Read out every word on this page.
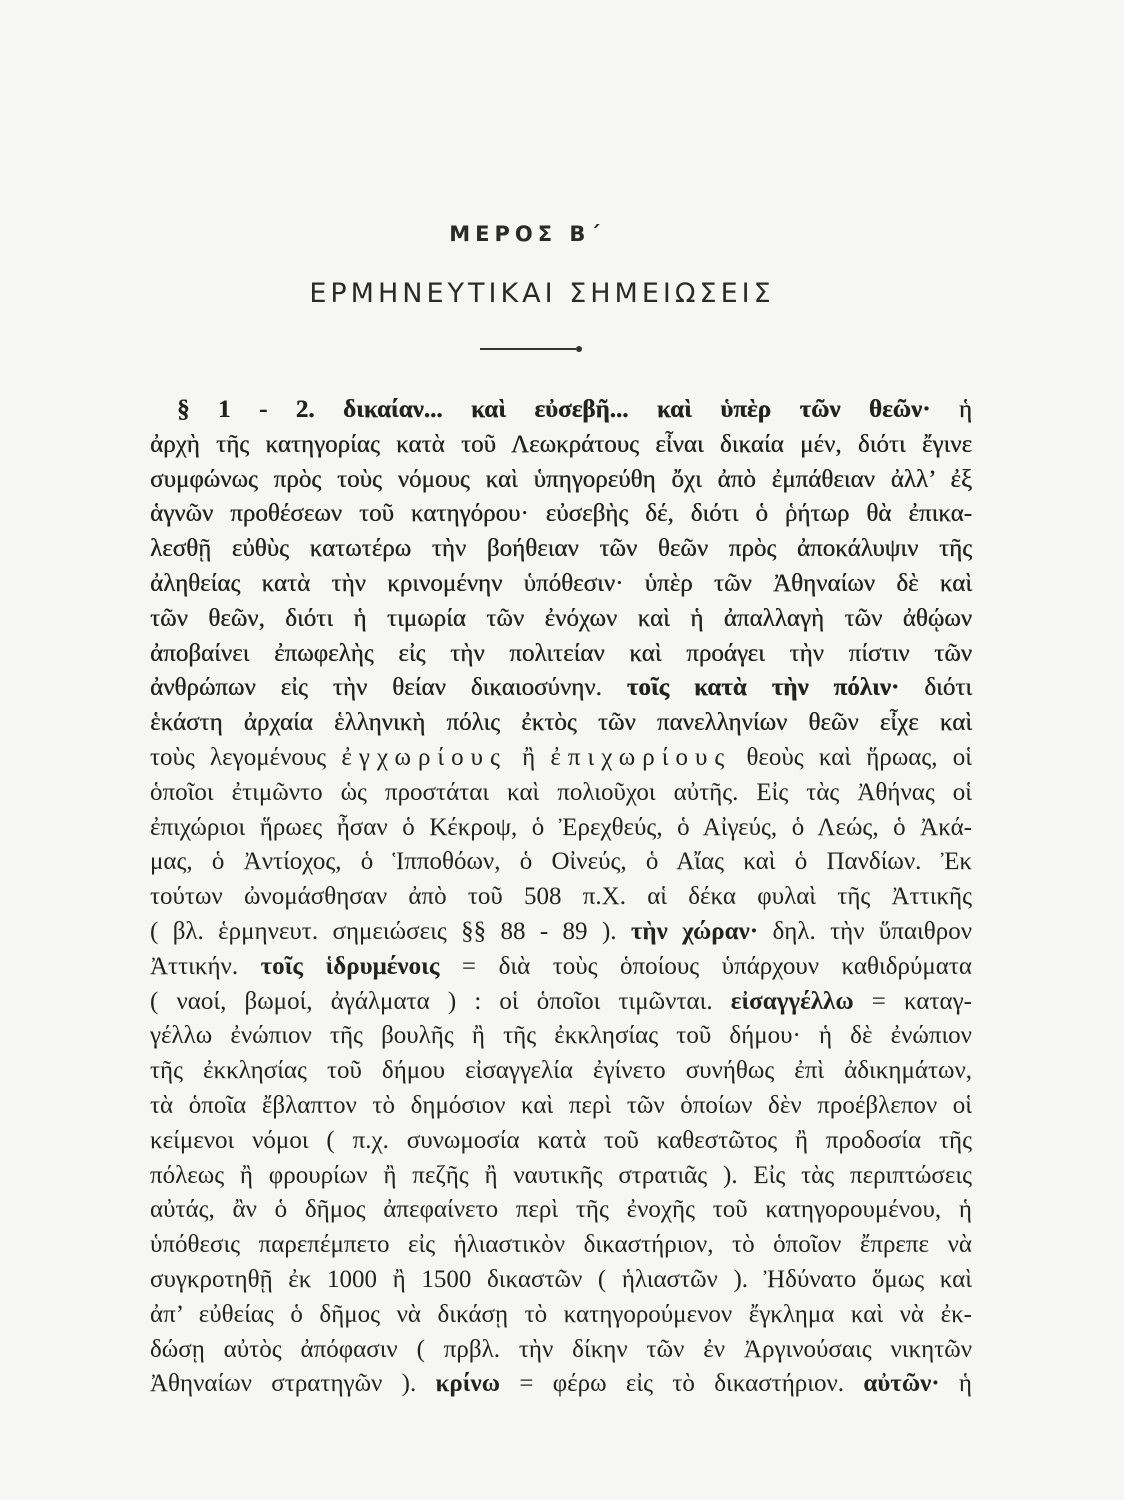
ΜΕΡΟΣ Β΄
ΕΡΜΗΝΕΥΤΙΚΑΙ ΣΗΜΕΙΩΣΕΙΣ
§ 1 - 2. δικαίαν... καὶ εὐσεβῆ... καὶ ὑπὲρ τῶν θεῶν· ἡ
ἀρχὴ τῆς κατηγορίας κατὰ τοῦ Λεωκράτους εἶναι δικαία μέν, διότι ἔγινε
συμφώνως πρὸς τοὺς νόμους καὶ ὑπηγορεύθη ὄχι ἀπὸ ἐμπάθειαν ἀλλ’ ἐξ
ἁγνῶν προθέσεων τοῦ κατηγόρου· εὐσεβὴς δέ, διότι ὁ ῥήτωρ θὰ ἐπικα-
λεσθῇ εὐθὺς κατωτέρω τὴν βοήθειαν τῶν θεῶν πρὸς ἀποκάλυψιν τῆς
ἀληθείας κατὰ τὴν κρινομένην ὑπόθεσιν· ὑπὲρ τῶν Ἀθηναίων δὲ καὶ
τῶν θεῶν, διότι ἡ τιμωρία τῶν ἐνόχων καὶ ἡ ἀπαλλαγὴ τῶν ἀθῴων
ἀποβαίνει ἐπωφελὴς εἰς τὴν πολιτείαν καὶ προάγει τὴν πίστιν τῶν
ἀνθρώπων εἰς τὴν θείαν δικαιοσύνην. τοῖς κατὰ τὴν πόλιν· διότι
ἑκάστη ἀρχαία ἑλληνικὴ πόλις ἐκτὸς τῶν πανελληνίων θεῶν εἶχε καὶ
τοὺς λεγομένους ἐγχωρίους ἢ ἐπιχωρίους θεοὺς καὶ ἥρωας, οἱ
ὁποῖοι ἐτιμῶντο ὡς προστάται καὶ πολιοῦχοι αὐτῆς. Εἰς τὰς Ἀθήνας οἱ
ἐπιχώριοι ἥρωες ἦσαν ὁ Κέκροψ, ὁ Ἐρεχθεύς, ὁ Αἰγεύς, ὁ Λεώς, ὁ Ἀκά-
μας, ὁ Ἀντίοχος, ὁ Ἱπποθόων, ὁ Οἰνεύς, ὁ Αἴας καὶ ὁ Πανδίων. Ἐκ
τούτων ὠνομάσθησαν ἀπὸ τοῦ 508 π.Χ. αἱ δέκα φυλαὶ τῆς Ἀττικῆς
( βλ. ἑρμηνευτ. σημειώσεις §§ 88 - 89 ). τὴν χώραν· δηλ. τὴν ὕπαιθρον
Ἀττικήν. τοῖς ἱδρυμένοις = διὰ τοὺς ὁποίους ὑπάρχουν καθιδρύματα
( ναοί, βωμοί, ἀγάλματα ) : οἱ ὁποῖοι τιμῶνται. εἰσαγγέλλω = καταγ-
γέλλω ἐνώπιον τῆς βουλῆς ἢ τῆς ἐκκλησίας τοῦ δήμου· ἡ δὲ ἐνώπιον
τῆς ἐκκλησίας τοῦ δήμου εἰσαγγελία ἐγίνετο συνήθως ἐπὶ ἀδικημάτων,
τὰ ὁποῖα ἔβλαπτον τὸ δημόσιον καὶ περὶ τῶν ὁποίων δὲν προέβλεπον οἱ
κείμενοι νόμοι ( π.χ. συνωμοσία κατὰ τοῦ καθεστῶτος ἢ προδοσία τῆς
πόλεως ἢ φρουρίων ἢ πεζῆς ἢ ναυτικῆς στρατιᾶς ). Εἰς τὰς περιπτώσεις
αὐτάς, ἂν ὁ δῆμος ἀπεφαίνετο περὶ τῆς ἐνοχῆς τοῦ κατηγορουμένου, ἡ
ὑπόθεσις παρεπέμπετο εἰς ἡλιαστικὸν δικαστήριον, τὸ ὁποῖον ἔπρεπε νὰ
συγκροτηθῇ ἐκ 1000 ἢ 1500 δικαστῶν ( ἡλιαστῶν ). Ἠδύνατο ὅμως καὶ
ἀπ’ εὐθείας ὁ δῆμος νὰ δικάσῃ τὸ κατηγορούμενον ἔγκλημα καὶ νὰ ἐκ-
δώσῃ αὐτὸς ἀπόφασιν ( πρβλ. τὴν δίκην τῶν ἐν Ἀργινούσαις νικητῶν
Ἀθηναίων στρατηγῶν ). κρίνω = φέρω εἰς τὸ δικαστήριον. αὐτῶν· ἡ
